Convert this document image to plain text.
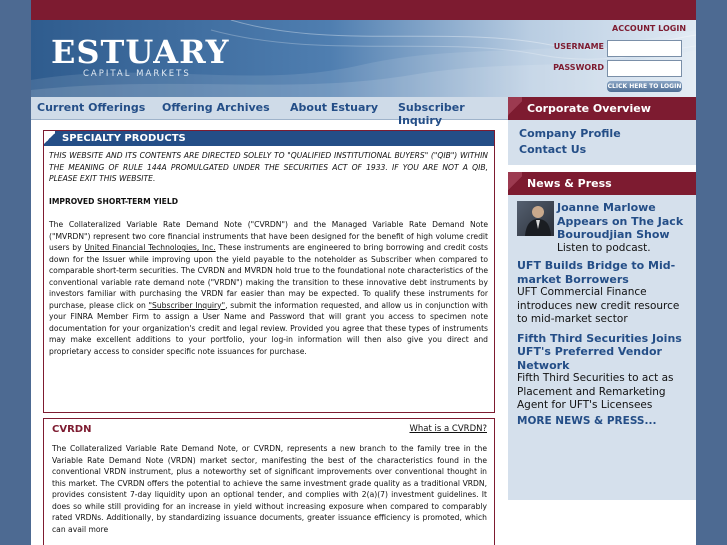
ESTUARY
CAPITAL MARKETS
ACCOUNT LOGIN
USERNAME
PASSWORD
CLICK HERE TO LOGIN
Current Offerings Offering Archives About Estuary Subscriber Inquiry
Corporate Overview
Company Profile
Contact Us
News & Press
Joanne Marlowe Appears on The Jack Bouroudjian Show
Listen to podcast.
UFT Builds Bridge to Mid-market Borrowers
UFT Commercial Finance introduces new credit resource to mid-market sector
Fifth Third Securities Joins UFT's Preferred Vendor Network
Fifth Third Securities to act as Placement and Remarketing Agent for UFT's Licensees
MORE NEWS & PRESS...
SPECIALTY PRODUCTS

THIS WEBSITE AND ITS CONTENTS ARE DIRECTED SOLELY TO "QUALIFIED INSTITUTIONAL BUYERS" ("QIB") WITHIN THE MEANING OF RULE 144A PROMULGATED UNDER THE SECURITIES ACT OF 1933. IF YOU ARE NOT A QIB, PLEASE EXIT THIS WEBSITE.

IMPROVED SHORT-TERM YIELD

The Collateralized Variable Rate Demand Note ("CVRDN") and the Managed Variable Rate Demand Note ("MVRDN") represent two core financial instruments that have been designed for the benefit of high volume credit users by United Financial Technologies, Inc. These instruments are engineered to bring borrowing and credit costs down for the Issuer while improving upon the yield payable to the noteholder as Subscriber when compared to comparable short-term securities. The CVRDN and MVRDN hold true to the foundational note characteristics of the conventional variable rate demand note ("VRDN") making the transition to these innovative debt instruments by investors familiar with purchasing the VRDN far easier than may be expected. To qualify these instruments for purchase, please click on "Subscriber Inquiry", submit the information requested, and allow us in conjunction with your FINRA Member Firm to assign a User Name and Password that will grant you access to specimen note documentation for your organization's credit and legal review. Provided you agree that these types of instruments may make excellent additions to your portfolio, your log-in information will then also give you direct and proprietary access to consider specific note issuances for purchase.

CVRDN	What is a CVRDN?
The Collateralized Variable Rate Demand Note, or CVRDN, represents a new branch to the family tree in the Variable Rate Demand Note (VRDN) market sector, manifesting the best of the characteristics found in the conventional VRDN instrument, plus a noteworthy set of significant improvements over conventional thought in this market. The CVRDN offers the potential to achieve the same investment grade quality as a traditional VRDN, provides consistent 7-day liquidity upon an optional tender, and complies with 2(a)(7) investment guidelines. It does so while still providing for an increase in yield without increasing exposure when compared to comparably rated VRDNs. Additionally, by standardizing issuance documents, greater issuance efficiency is promoted, which can avail more
